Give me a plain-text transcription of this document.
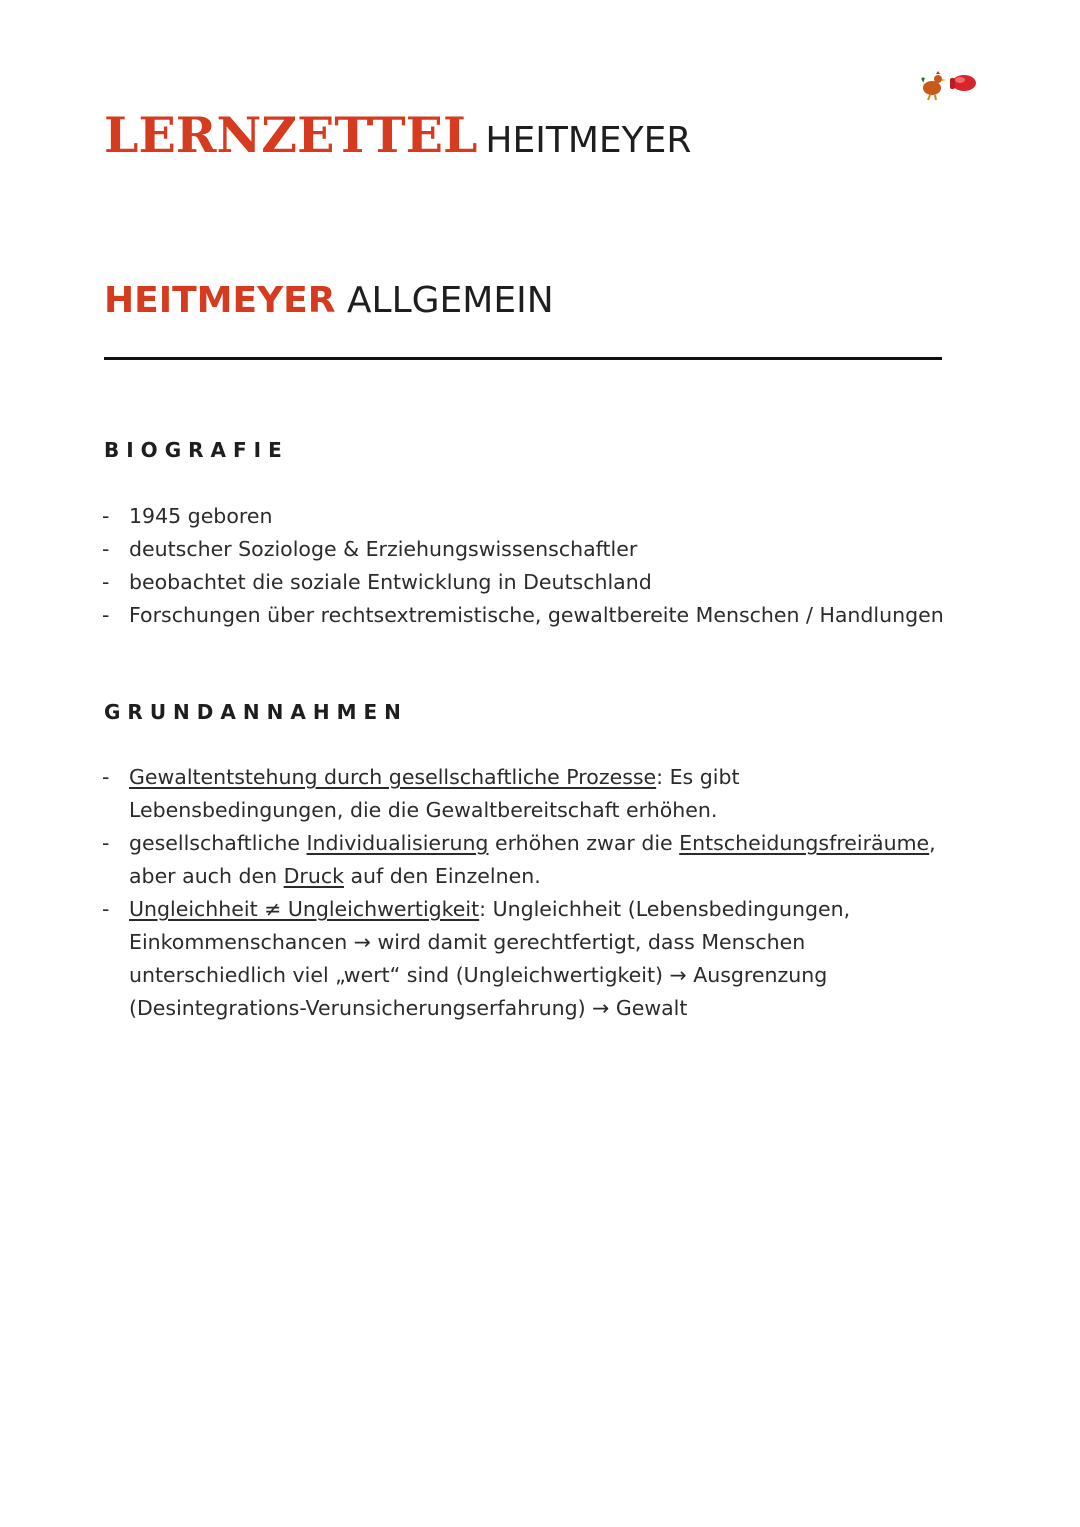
LERNZETTEL HEITMEYER
HEITMEYER ALLGEMEIN
BIOGRAFIE
- 1945 geboren
- deutscher Soziologe & Erziehungswissenschaftler
- beobachtet die soziale Entwicklung in Deutschland
- Forschungen über rechtsextremistische, gewaltbereite Menschen / Handlungen
GRUNDANNAHMEN
- Gewaltentstehung durch gesellschaftliche Prozesse: Es gibt
Lebensbedingungen, die die Gewaltbereitschaft erhöhen.
- gesellschaftliche Individualisierung erhöhen zwar die Entscheidungsfreiräume,
aber auch den Druck auf den Einzelnen.
- Ungleichheit ≠ Ungleichwertigkeit: Ungleichheit (Lebensbedingungen,
Einkommenschancen → wird damit gerechtfertigt, dass Menschen
unterschiedlich viel „wert“ sind (Ungleichwertigkeit) → Ausgrenzung
(Desintegrations-Verunsicherungserfahrung) → Gewalt
